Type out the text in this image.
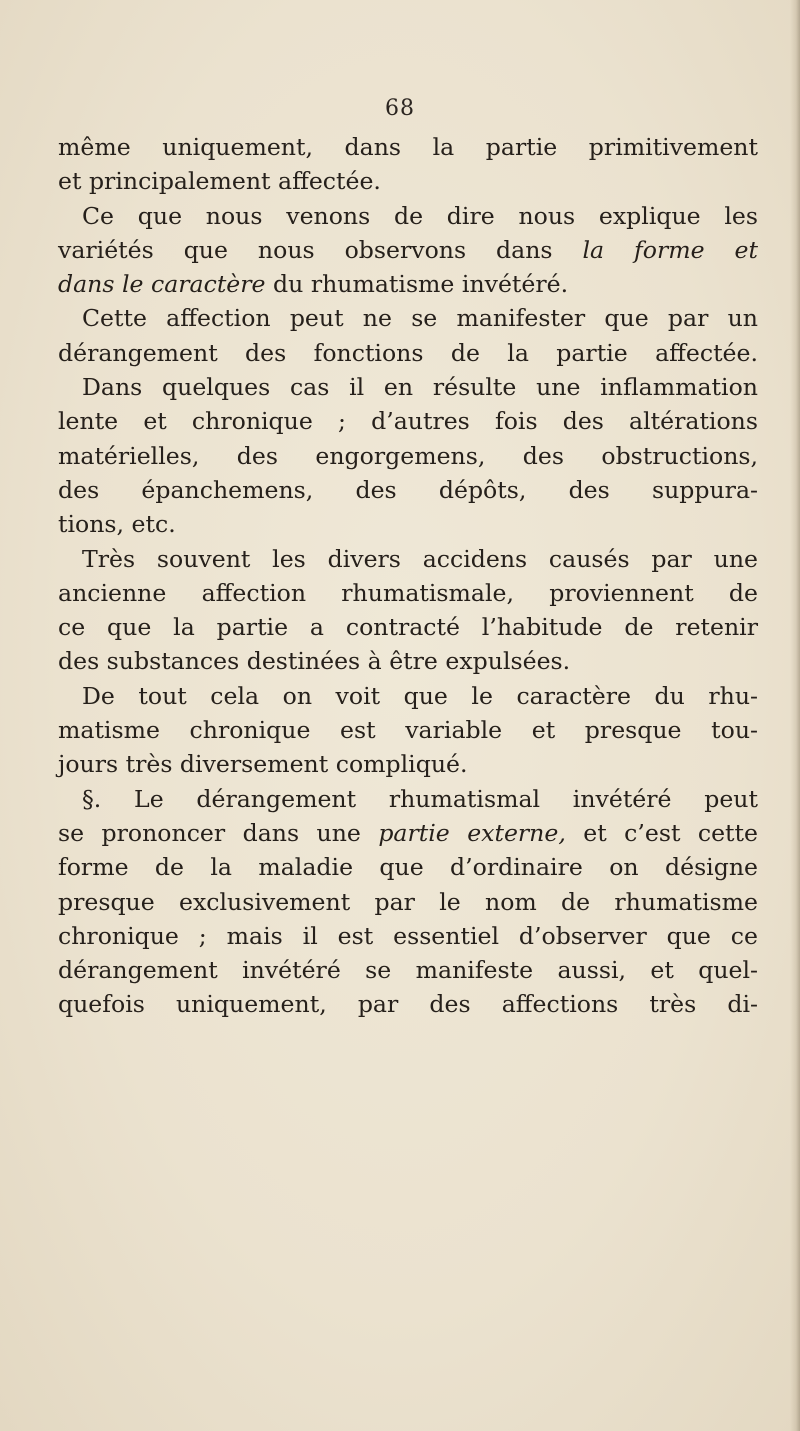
68
même uniquement, dans la partie primitivement
et principalement affectée.
Ce que nous venons de dire nous explique les
variétés que nous observons dans la forme et
dans le caractère du rhumatisme invétéré.
Cette affection peut ne se manifester que par un
dérangement des fonctions de la partie affectée.
Dans quelques cas il en résulte une inflammation
lente et chronique ; d’autres fois des altérations
matérielles, des engorgemens, des obstructions,
des épanchemens, des dépôts, des suppura-
tions, etc.
Très souvent les divers accidens causés par une
ancienne affection rhumatismale, proviennent de
ce que la partie a contracté l’habitude de retenir
des substances destinées à être expulsées.
De tout cela on voit que le caractère du rhu-
matisme chronique est variable et presque tou-
jours très diversement compliqué.
§. Le dérangement rhumatismal invétéré peut
se prononcer dans une partie externe, et c’est cette
forme de la maladie que d’ordinaire on désigne
presque exclusivement par le nom de rhumatisme
chronique ; mais il est essentiel d’observer que ce
dérangement invétéré se manifeste aussi, et quel-
quefois uniquement, par des affections très di-
